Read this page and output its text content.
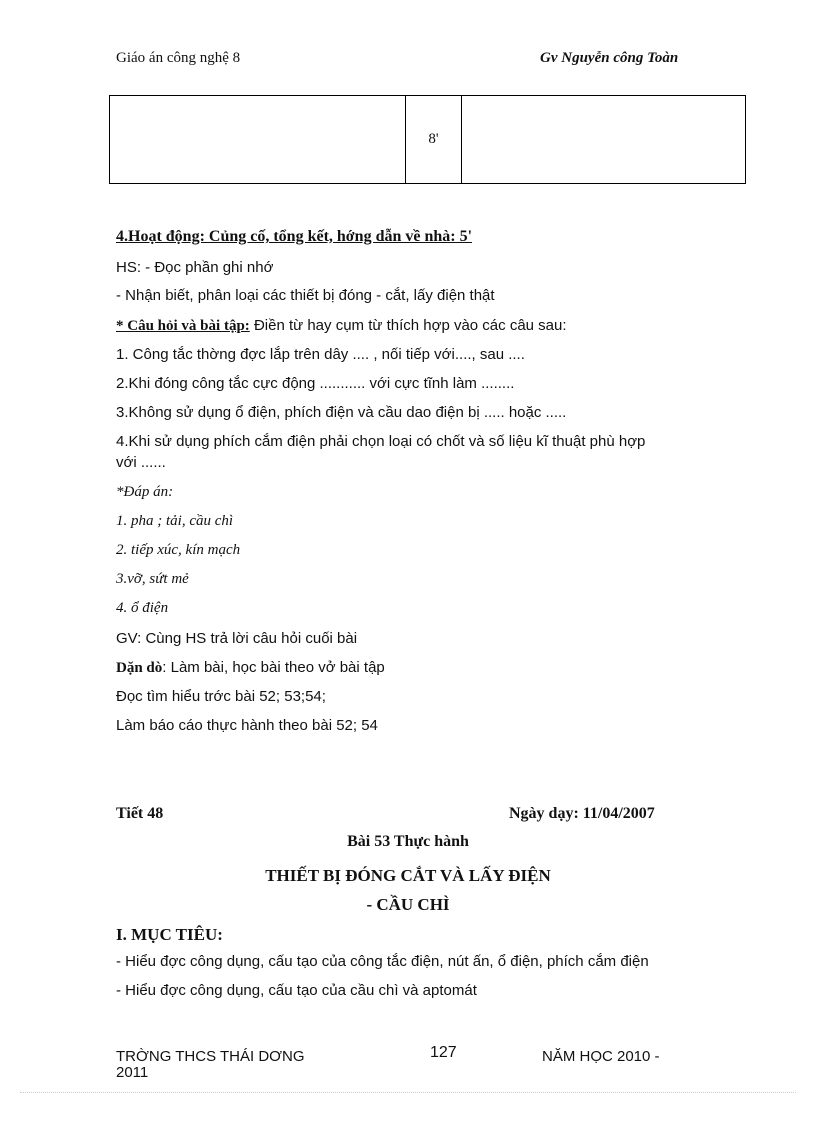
Giáo án công nghệ 8	Gv Nguyễn công Toàn
	8'	
4.Hoạt động: Củng cố, tổng kết, hớng dẫn về nhà: 5'
HS: - Đọc phần ghi nhớ
- Nhận biết, phân loại các thiết bị đóng - cắt, lấy điện thật
* Câu hỏi và bài tập: Điền từ hay cụm từ thích hợp vào các câu sau:
1. Công tắc thờng đợc lắp trên dây .... , nối tiếp với...., sau ....
2.Khi đóng công tắc cực động ........... với cực tĩnh làm ........
3.Không sử dụng ổ điện, phích điện và cầu dao điện bị ..... hoặc .....
4.Khi sử dụng phích cắm điện phải chọn loại có chốt và số liệu kĩ thuật phù hợp
với ......
*Đáp án:
1. pha ; tải, cầu chì
2. tiếp xúc, kín mạch
3.vỡ, sứt mẻ
4. ổ điện
GV: Cùng HS trả lời câu hỏi cuối bài
Dặn dò: Làm bài, học bài theo vở bài tập
Đọc tìm hiểu trớc bài 52; 53;54;
Làm báo cáo thực hành theo bài 52; 54
Tiết 48	Ngày dạy: 11/04/2007
Bài 53 Thực hành
THIẾT BỊ ĐÓNG CẮT VÀ LẤY ĐIỆN
- CẦU CHÌ
I. MỤC TIÊU:
- Hiểu đợc công dụng, cấu tạo của công tắc điện, nút ấn, ổ điện, phích cắm điện
- Hiểu đợc công dụng, cấu tạo của cầu chì và aptomát
TRỜNG THCS THÁI DƠNG	127	NĂM HỌC 2010 -
2011
